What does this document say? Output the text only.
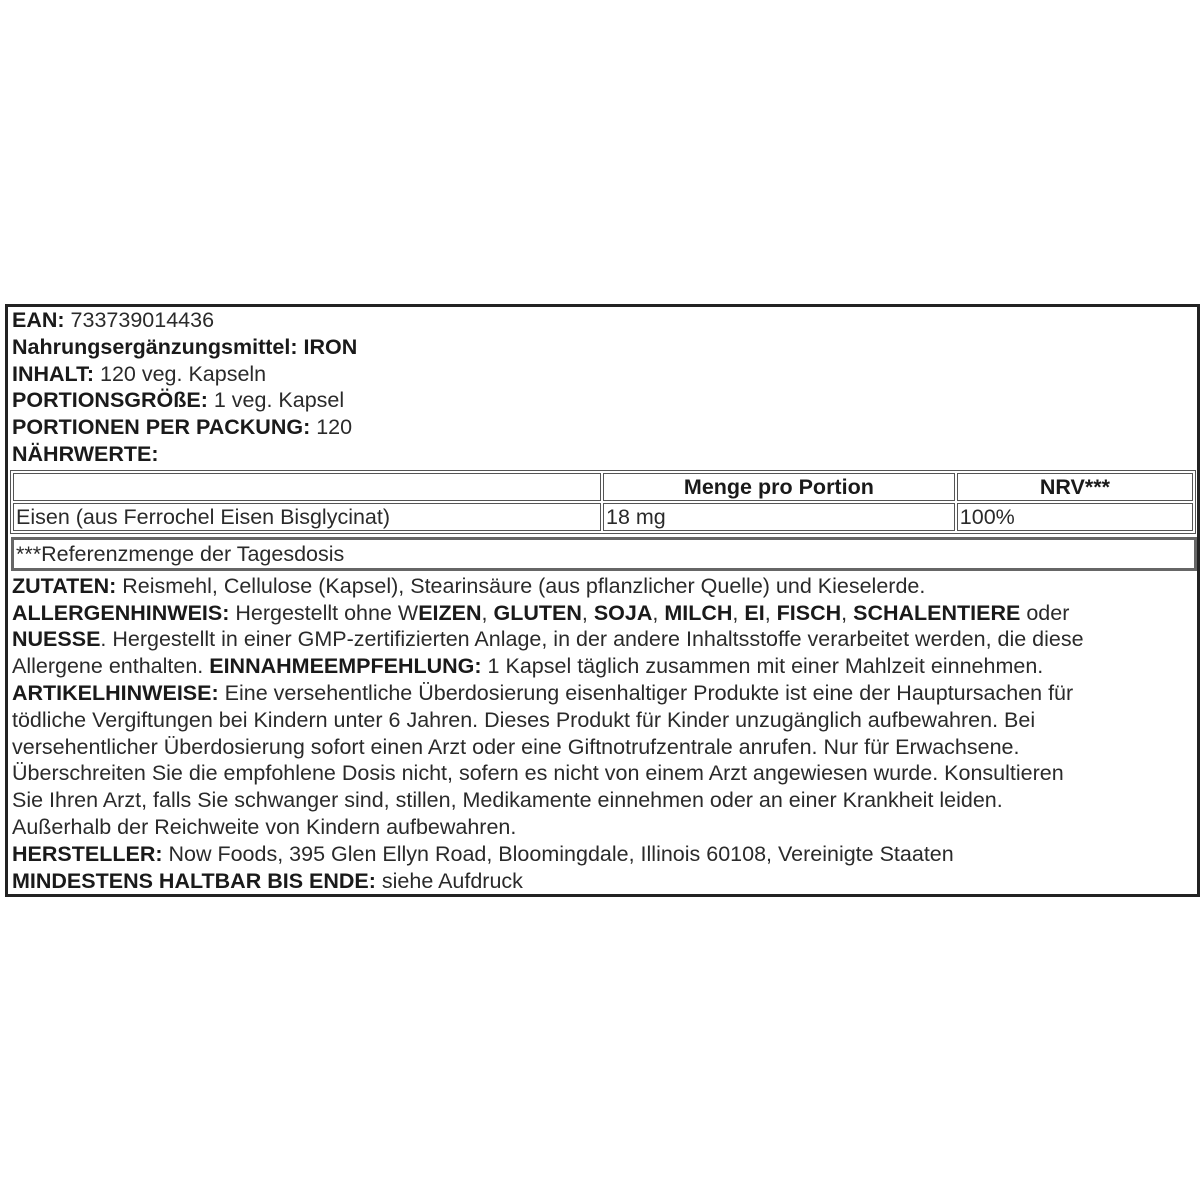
EAN: 733739014436
Nahrungsergänzungsmittel: IRON
INHALT: 120 veg. Kapseln
PORTIONSGRÖßE: 1 veg. Kapsel
PORTIONEN PER PACKUNG: 120
NÄHRWERTE:
	Menge pro Portion	NRV***
Eisen (aus Ferrochel Eisen Bisglycinat)	18 mg	100%
***Referenzmenge der Tagesdosis
ZUTATEN: Reismehl, Cellulose (Kapsel), Stearinsäure (aus pflanzlicher Quelle) und Kieselerde.
ALLERGENHINWEIS: Hergestellt ohne WEIZEN, GLUTEN, SOJA, MILCH, EI, FISCH, SCHALENTIERE oder
NUESSE. Hergestellt in einer GMP-zertifizierten Anlage, in der andere Inhaltsstoffe verarbeitet werden, die diese
Allergene enthalten. EINNAHMEEMPFEHLUNG: 1 Kapsel täglich zusammen mit einer Mahlzeit einnehmen.
ARTIKELHINWEISE: Eine versehentliche Überdosierung eisenhaltiger Produkte ist eine der Hauptursachen für
tödliche Vergiftungen bei Kindern unter 6 Jahren. Dieses Produkt für Kinder unzugänglich aufbewahren. Bei
versehentlicher Überdosierung sofort einen Arzt oder eine Giftnotrufzentrale anrufen. Nur für Erwachsene.
Überschreiten Sie die empfohlene Dosis nicht, sofern es nicht von einem Arzt angewiesen wurde. Konsultieren
Sie Ihren Arzt, falls Sie schwanger sind, stillen, Medikamente einnehmen oder an einer Krankheit leiden.
Außerhalb der Reichweite von Kindern aufbewahren.
HERSTELLER: Now Foods, 395 Glen Ellyn Road, Bloomingdale, Illinois 60108, Vereinigte Staaten
MINDESTENS HALTBAR BIS ENDE: siehe Aufdruck
